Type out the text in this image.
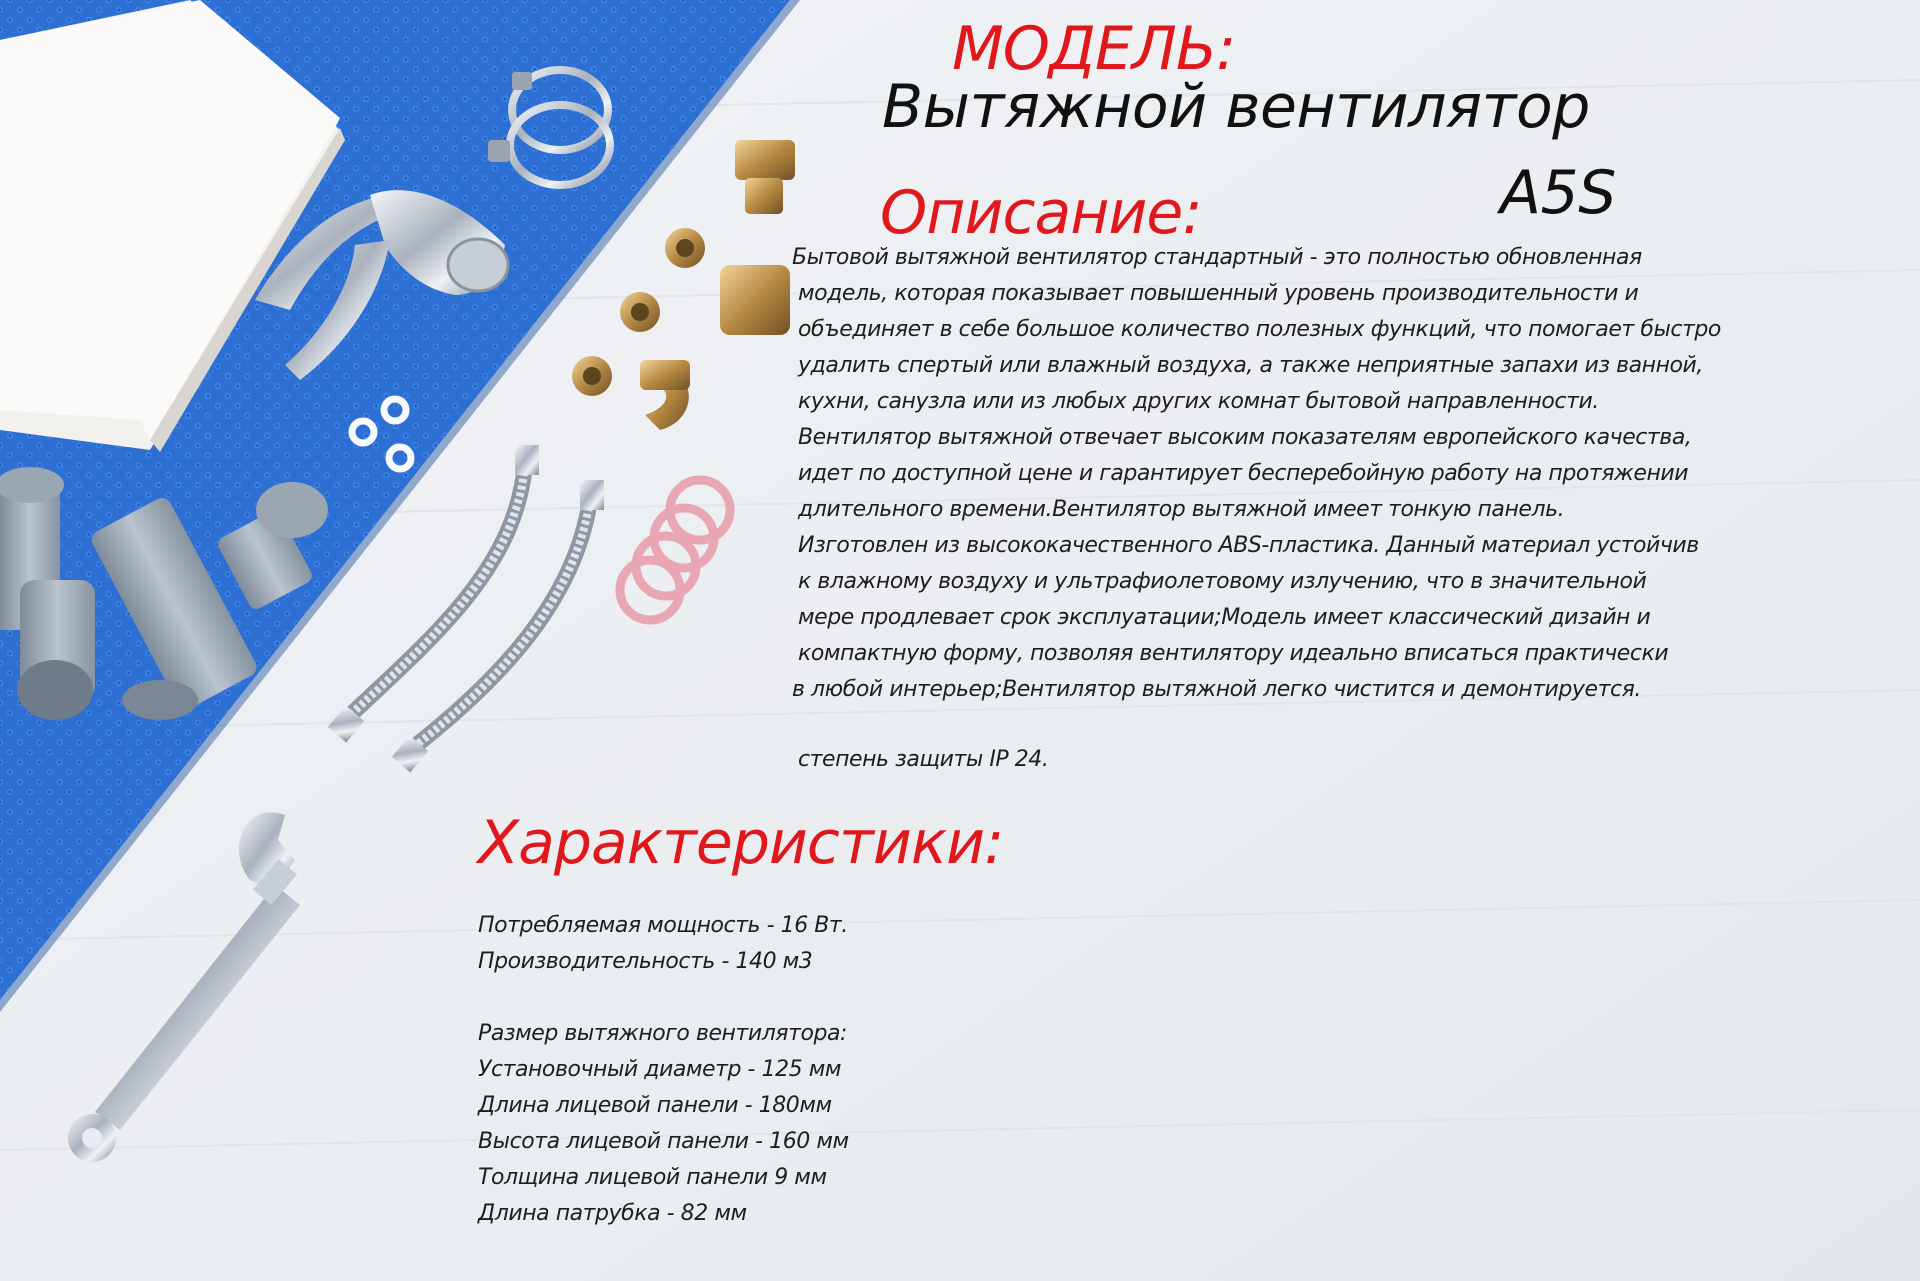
МОДЕЛЬ:
Вытяжной вентилятор
A5S
Описание:
Бытовой вытяжной вентилятор стандартный - это полностью обновленная
модель, которая показывает повышенный уровень производительности и
объединяет в себе большое количество полезных функций, что помогает быстро
удалить спертый или влажный воздуха, а также неприятные запахи из ванной,
кухни, санузла или из любых других комнат бытовой направленности.
Вентилятор вытяжной отвечает высоким показателям европейского качества,
идет по доступной цене и гарантирует бесперебойную работу на протяжении
длительного времени.Вентилятор вытяжной имеет тонкую панель.
Изготовлен из высококачественного ABS-пластика. Данный материал устойчив
к влажному воздуху и ультрафиолетовому излучению, что в значительной
мере продлевает срок эксплуатации;Модель имеет классический дизайн и
компактную форму, позволяя вентилятору идеально вписаться практически
в любой интерьер;Вентилятор вытяжной легко чистится и демонтируется.
степень защиты IP 24.
Характеристики:
Потребляемая мощность - 16 Вт.
Производительность - 140 м3
Размер вытяжного вентилятора:
Установочный диаметр - 125 мм
Длина лицевой панели - 180мм
Высота лицевой панели - 160 мм
Толщина лицевой панели 9 мм
Длина патрубка - 82 мм
